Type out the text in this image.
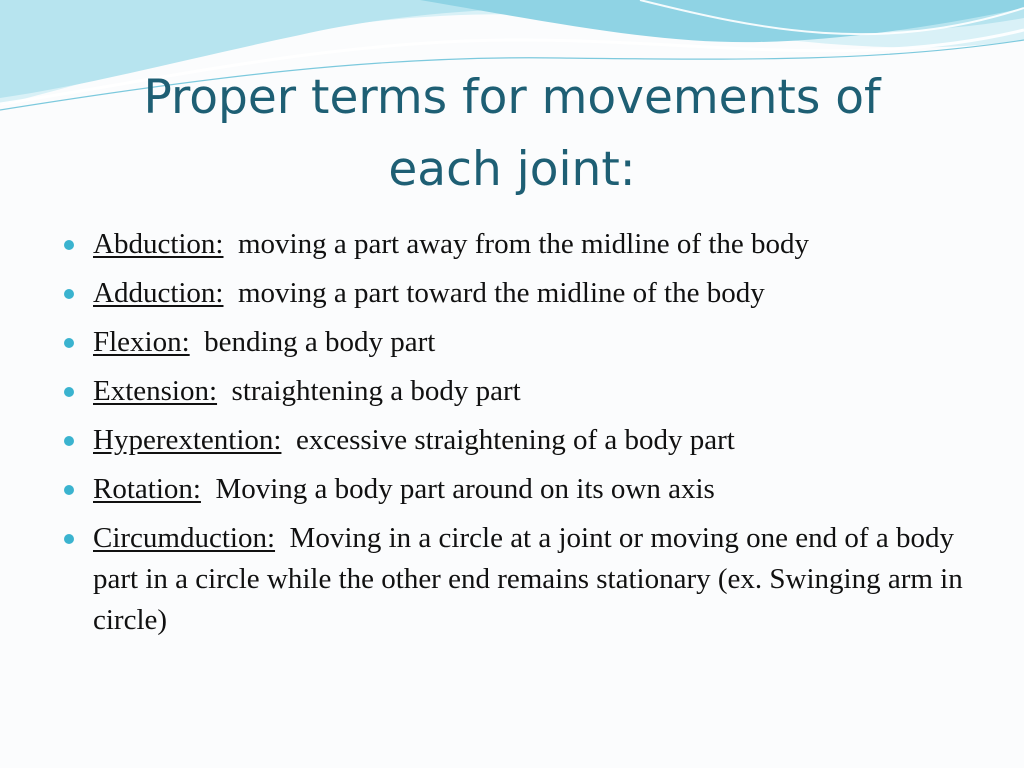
Proper terms for movements of
each joint:
Abduction: moving a part away from the midline of the body
Adduction: moving a part toward the midline of the body
Flexion: bending a body part
Extension: straightening a body part
Hyperextention: excessive straightening of a body part
Rotation: Moving a body part around on its own axis
Circumduction: Moving in a circle at a joint or moving one end of a body part in a circle while the other end remains stationary (ex. Swinging arm in circle)
